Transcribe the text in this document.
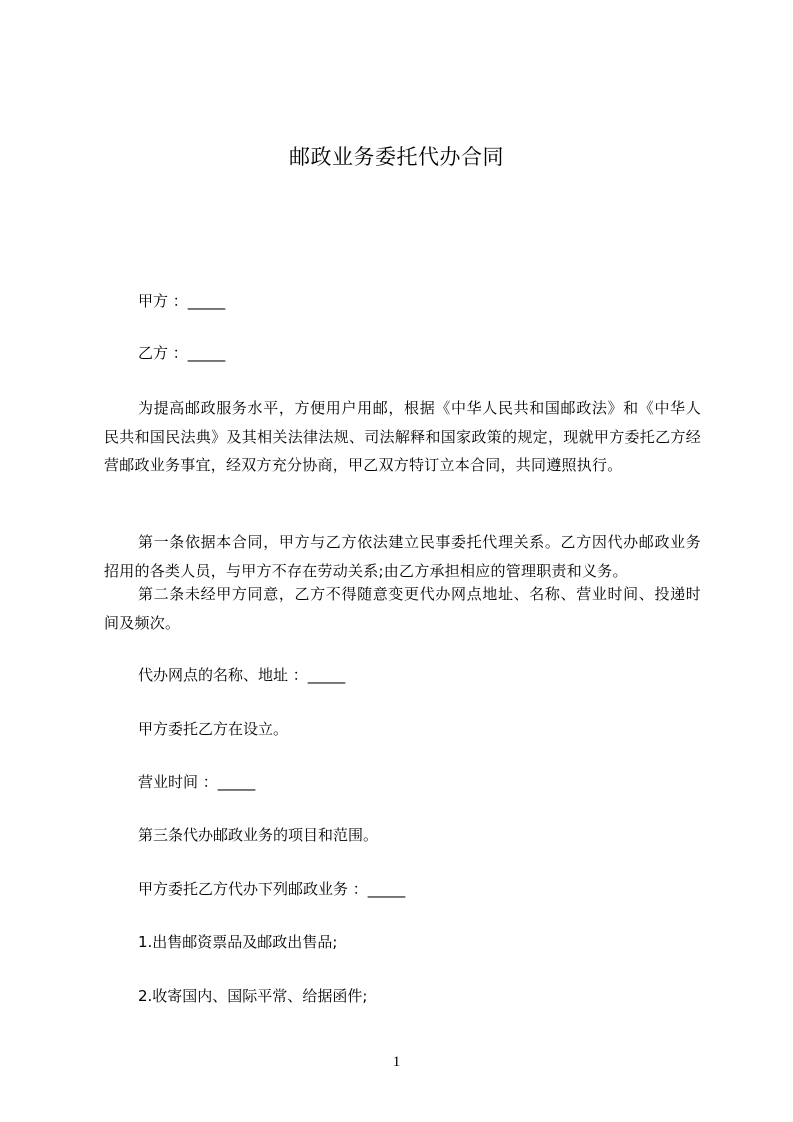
邮政业务委托代办合同
甲方 ：_____
乙方 ：_____
为提高邮政服务水平，方便用户用邮，根据《中华人民共和国邮政法》和《中华人民共和国民法典》及其相关法律法规、司法解释和国家政策的规定，现就甲方委托乙方经营邮政业务事宜，经双方充分协商，甲乙双方特订立本合同，共同遵照执行。
第一条依据本合同，甲方与乙方依法建立民事委托代理关系。乙方因代办邮政业务招用的各类人员，与甲方不存在劳动关系;由乙方承担相应的管理职责和义务。
第二条未经甲方同意，乙方不得随意变更代办网点地址、名称、营业时间、投递时间及频次。
代办网点的名称、地址 ：_____
甲方委托乙方在设立。
营业时间 ：_____
第三条代办邮政业务的项目和范围。
甲方委托乙方代办下列邮政业务 ：_____
1.出售邮资票品及邮政出售品;
2.收寄国内、国际平常、给据函件;
1
